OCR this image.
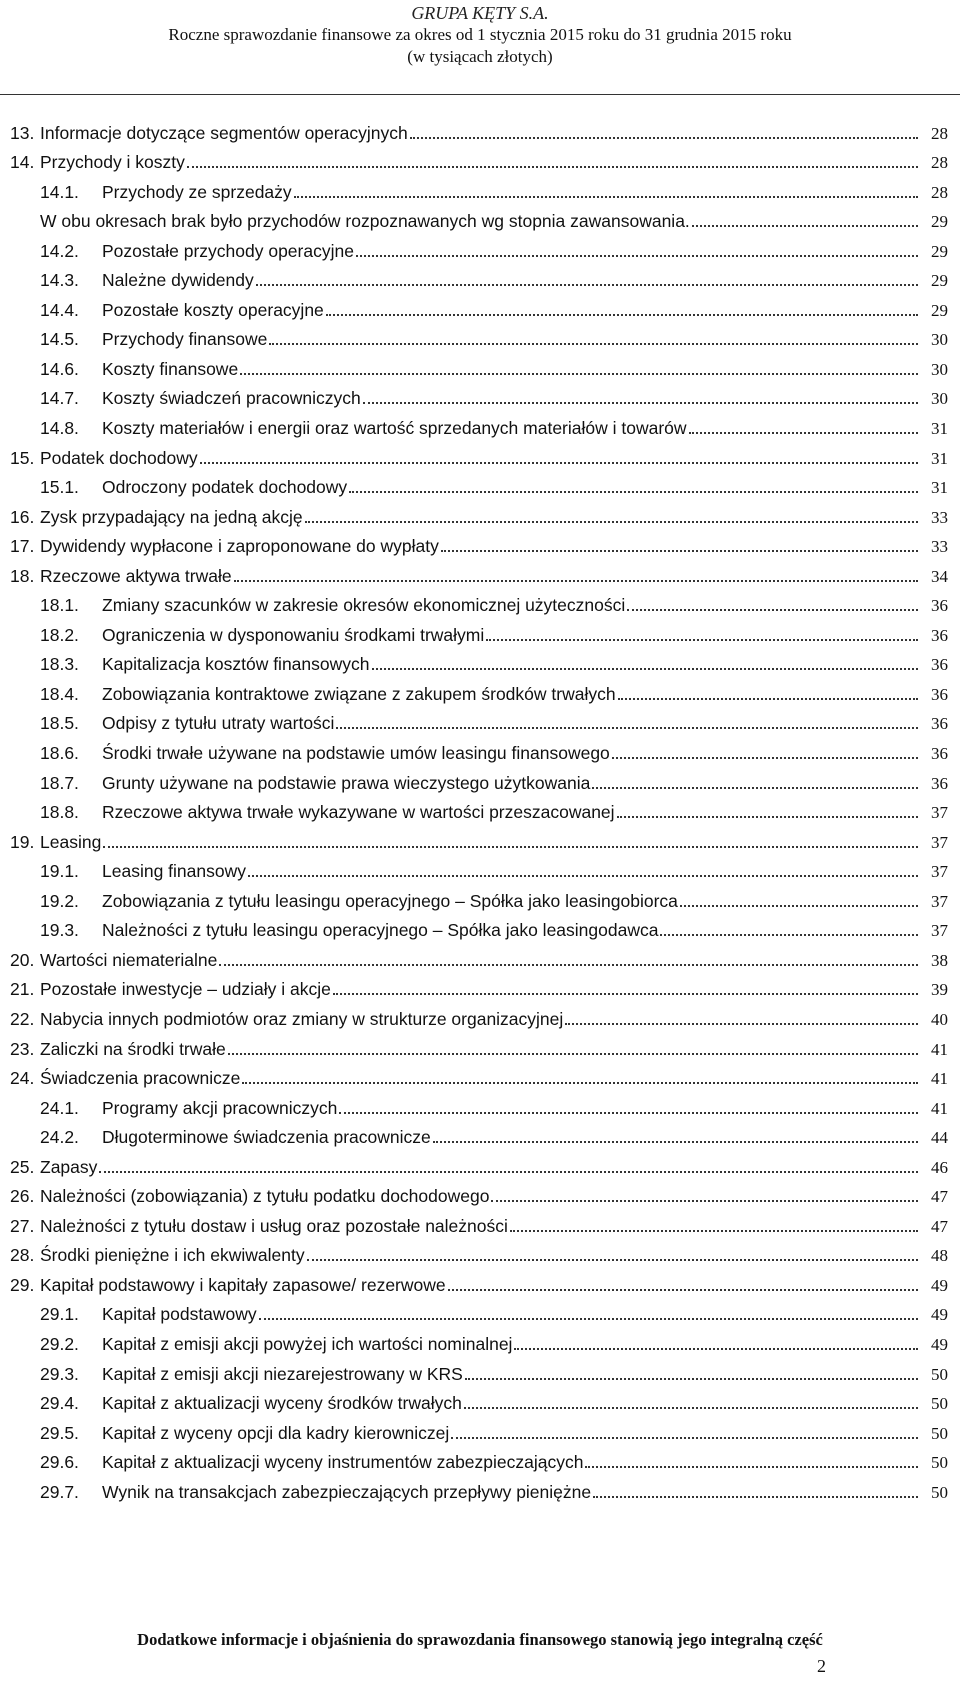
GRUPA KĘTY S.A.
Roczne sprawozdanie finansowe za okres od 1 stycznia 2015 roku do 31 grudnia 2015 roku
(w tysiącach złotych)
13. Informacje dotyczące segmentów operacyjnych	28
14. Przychody i koszty	28
14.1.	Przychody ze sprzedaży	28
W obu okresach brak było przychodów rozpoznawanych wg stopnia zawansowania.	29
14.2.	Pozostałe przychody operacyjne	29
14.3.	Należne dywidendy	29
14.4.	Pozostałe koszty operacyjne	29
14.5.	Przychody finansowe	30
14.6.	Koszty finansowe	30
14.7.	Koszty świadczeń pracowniczych	30
14.8.	Koszty materiałów i energii oraz wartość sprzedanych materiałów i towarów	31
15. Podatek dochodowy	31
15.1.	Odroczony podatek dochodowy	31
16. Zysk przypadający na jedną akcję	33
17. Dywidendy wypłacone i zaproponowane do wypłaty	33
18. Rzeczowe aktywa trwałe	34
18.1.	Zmiany szacunków w zakresie okresów ekonomicznej użyteczności	36
18.2.	Ograniczenia w dysponowaniu środkami trwałymi	36
18.3.	Kapitalizacja kosztów finansowych	36
18.4.	Zobowiązania kontraktowe związane z zakupem środków trwałych	36
18.5.	Odpisy z tytułu utraty wartości	36
18.6.	Środki trwałe używane na podstawie umów leasingu finansowego	36
18.7.	Grunty używane na podstawie prawa wieczystego użytkowania	36
18.8.	Rzeczowe aktywa trwałe wykazywane w wartości przeszacowanej	37
19. Leasing	37
19.1.	Leasing finansowy	37
19.2.	Zobowiązania z tytułu leasingu operacyjnego – Spółka jako leasingobiorca	37
19.3.	Należności z tytułu leasingu operacyjnego – Spółka jako leasingodawca	37
20. Wartości niematerialne	38
21. Pozostałe inwestycje – udziały i akcje	39
22. Nabycia innych podmiotów oraz zmiany w strukturze organizacyjnej	40
23. Zaliczki na środki trwałe	41
24. Świadczenia pracownicze	41
24.1.	Programy akcji pracowniczych	41
24.2.	Długoterminowe świadczenia pracownicze	44
25. Zapasy	46
26. Należności (zobowiązania) z tytułu podatku dochodowego	47
27. Należności z tytułu dostaw i usług oraz pozostałe należności	47
28. Środki pieniężne i ich ekwiwalenty	48
29. Kapitał podstawowy i kapitały zapasowe/ rezerwowe	49
29.1.	Kapitał podstawowy	49
29.2.	Kapitał z emisji akcji powyżej ich wartości nominalnej	49
29.3.	Kapitał z emisji akcji niezarejestrowany w KRS	50
29.4.	Kapitał z aktualizacji wyceny środków trwałych	50
29.5.	Kapitał z wyceny opcji dla kadry kierowniczej	50
29.6.	Kapitał z aktualizacji wyceny instrumentów zabezpieczających	50
29.7.	Wynik na transakcjach zabezpieczających przepływy pieniężne	50
Dodatkowe informacje i objaśnienia do sprawozdania finansowego stanowią jego integralną część
2
